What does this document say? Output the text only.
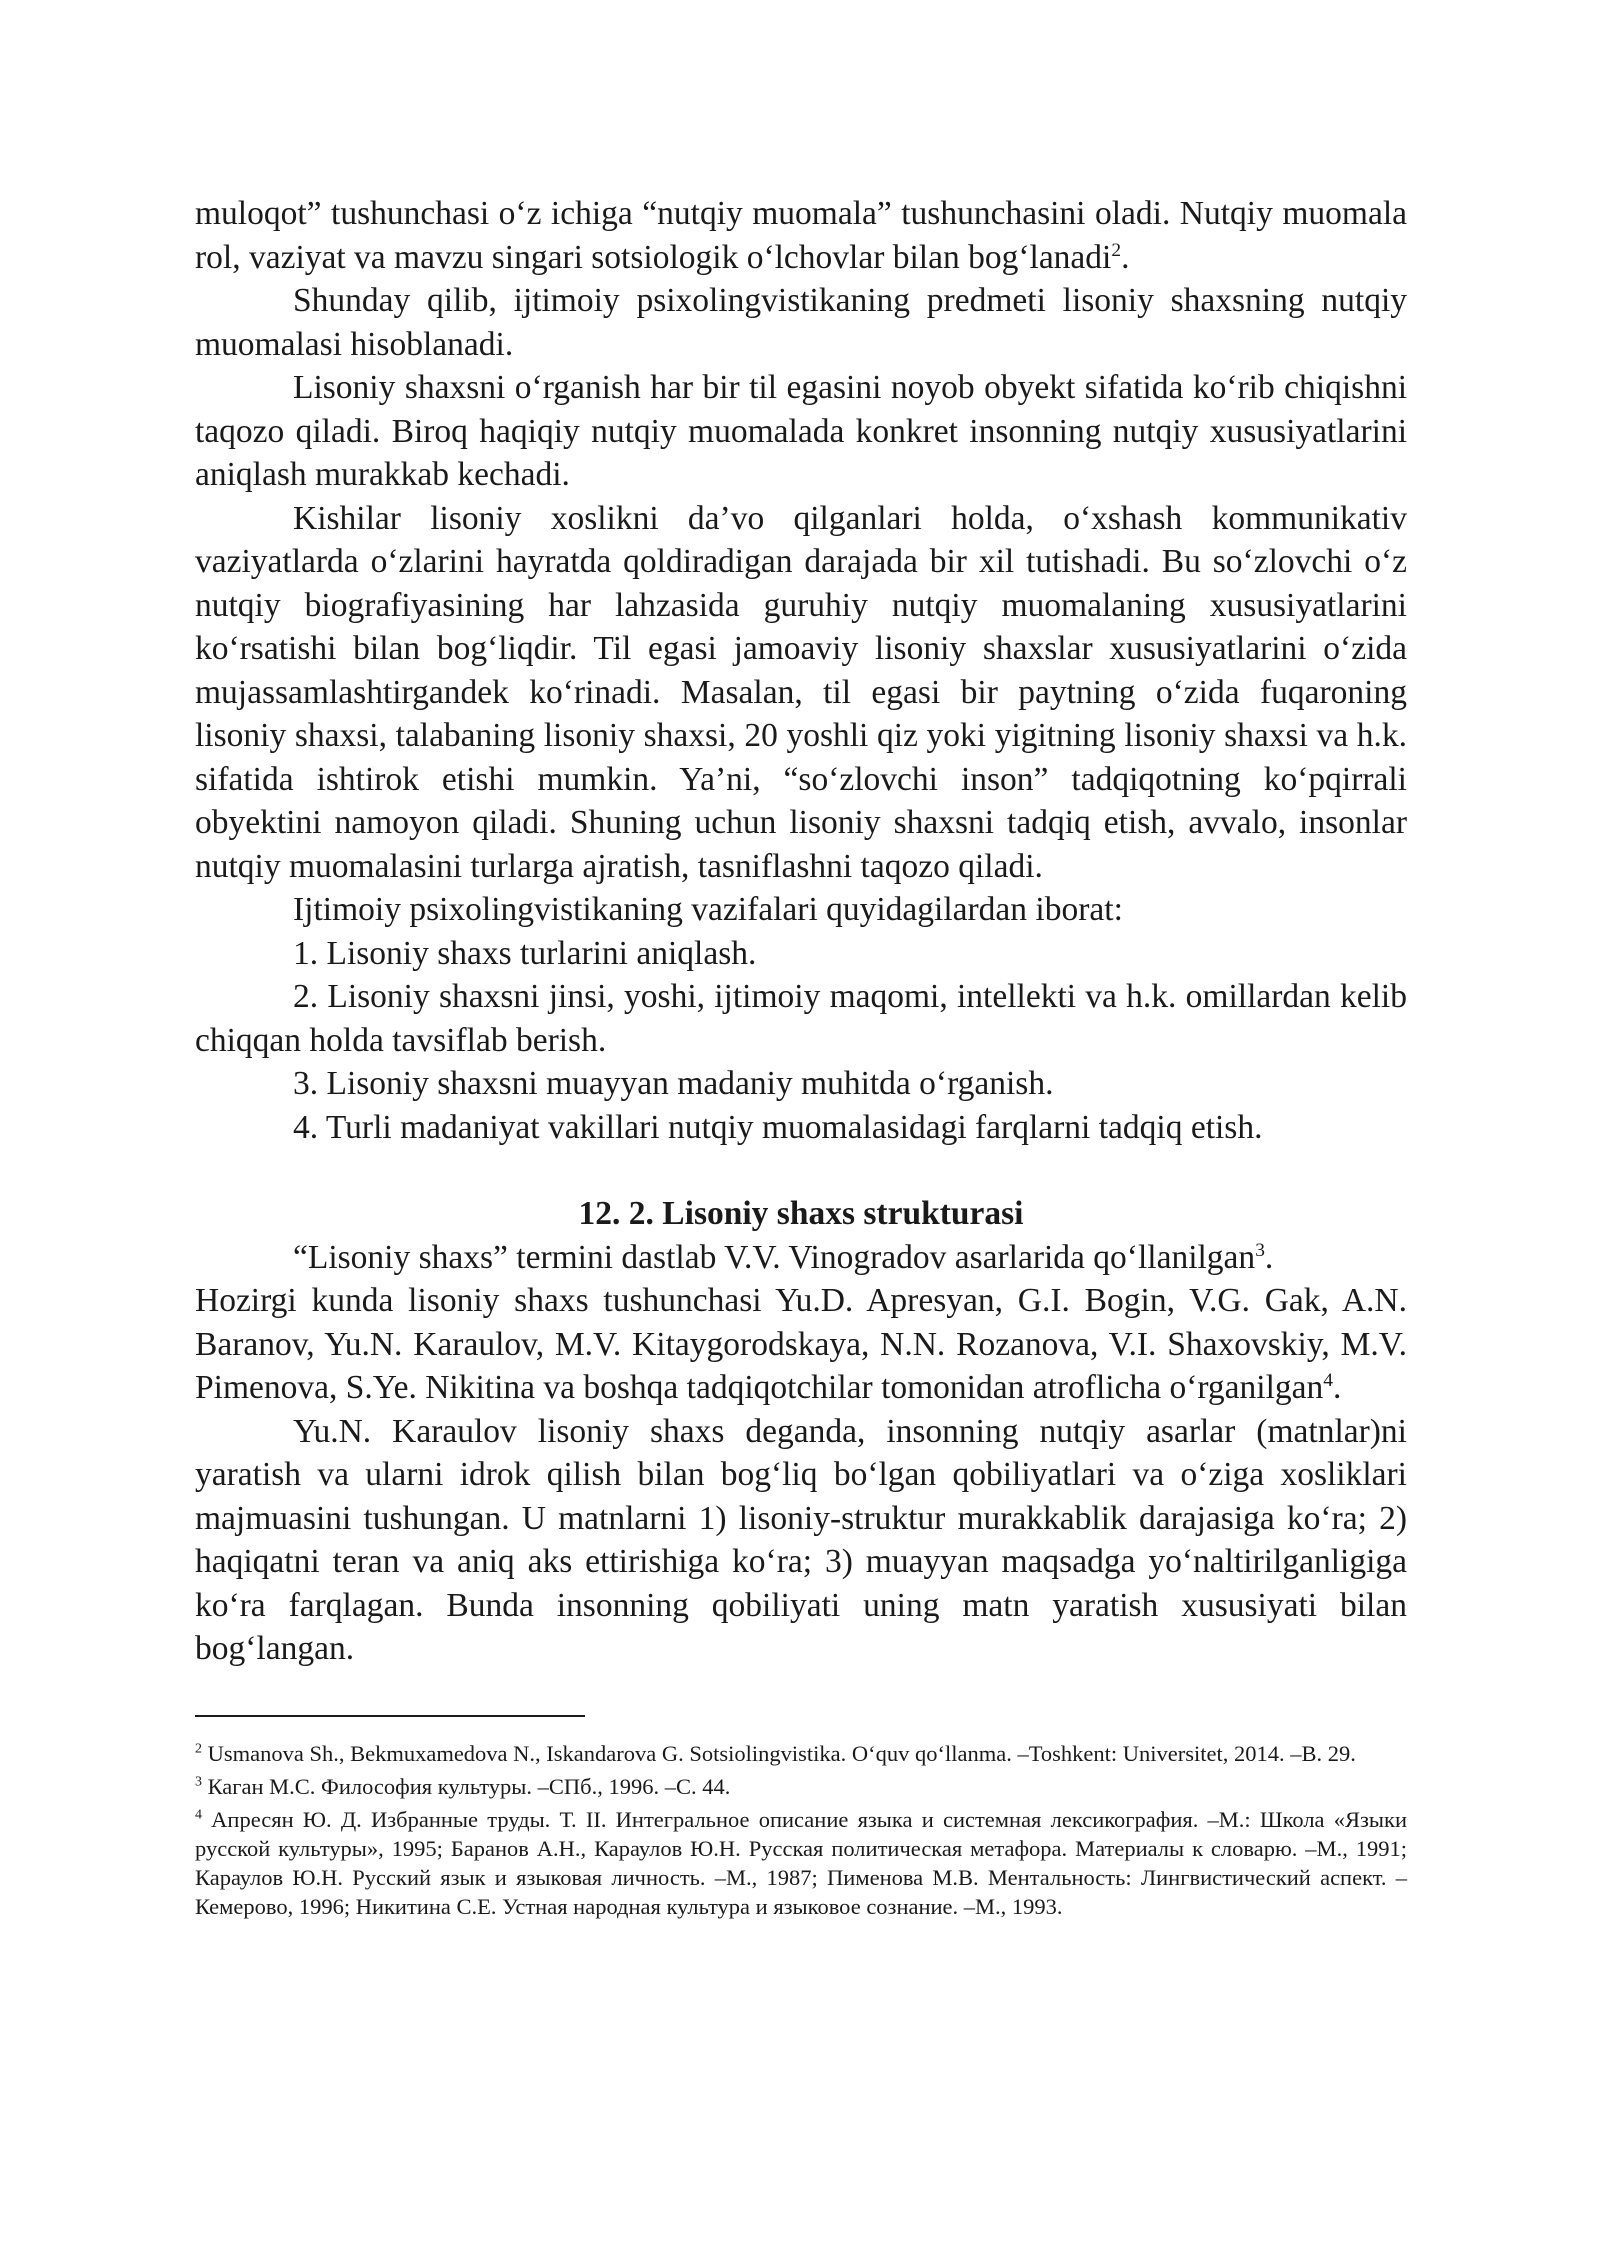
muloqot” tushunchasi o‘z ichiga “nutqiy muomala” tushunchasini oladi. Nutqiy muomala rol, vaziyat va mavzu singari sotsiologik o‘lchovlar bilan bog‘lanadi$^2$.

Shunday qilib, ijtimoiy psixolingvistikaning predmeti lisoniy shaxsning nutqiy muomalasi hisoblanadi.

Lisoniy shaxsni o‘rganish har bir til egasini noyob obyekt sifatida ko‘rib chiqishni taqozo qiladi. Biroq haqiqiy nutqiy muomalada konkret insonning nutqiy xususiyatlarini aniqlash murakkab kechadi.

Kishilar lisoniy xoslikni da’vo qilganlari holda, o‘xshash kommunikativ vaziyatlarda o‘zlarini hayratda qoldiradigan darajada bir xil tutishadi. Bu so‘zlovchi o‘z nutqiy biografiyasining har lahzasida guruhiy nutqiy muomalaning xususiyatlarini ko‘rsatishi bilan bog‘liqdir. Til egasi jamoaviy lisoniy shaxslar xususiyatlarini o‘zida mujassamlashtirgandek ko‘rinadi. Masalan, til egasi bir paytning o‘zida fuqaroning lisoniy shaxsi, talabaning lisoniy shaxsi, 20 yoshli qiz yoki yigitning lisoniy shaxsi va h.k. sifatida ishtirok etishi mumkin. Ya’ni, “so‘zlovchi inson” tadqiqotning ko‘pqirrali obyektini namoyon qiladi. Shuning uchun lisoniy shaxsni tadqiq etish, avvalo, insonlar nutqiy muomalasini turlarga ajratish, tasniflashni taqozo qiladi.

Ijtimoiy psixolingvistikaning vazifalari quyidagilardan iborat:

1. Lisoniy shaxs turlarini aniqlash.

2. Lisoniy shaxsni jinsi, yoshi, ijtimoiy maqomi, intellekti va h.k. omillardan kelib chiqqan holda tavsiflab berish.

3. Lisoniy shaxsni muayyan madaniy muhitda o‘rganish.

4. Turli madaniyat vakillari nutqiy muomalasidagi farqlarni tadqiq etish.

12. 2. Lisoniy shaxs strukturasi

“Lisoniy shaxs” termini dastlab V.V. Vinogradov asarlarida qo‘llanilgan$^3$.

Hozirgi kunda lisoniy shaxs tushunchasi Yu.D. Apresyan, G.I. Bogin, V.G. Gak, A.N. Baranov, Yu.N. Karaulov, M.V. Kitaygorodskaya, N.N. Rozanova, V.I. Shaxovskiy, M.V. Pimenova, S.Ye. Nikitina va boshqa tadqiqotchilar tomonidan atroflicha o‘rganilgan$^4$.

Yu.N. Karaulov lisoniy shaxs deganda, insonning nutqiy asarlar (matnlar)ni yaratish va ularni idrok qilish bilan bog‘liq bo‘lgan qobiliyatlari va o‘ziga xosliklari majmuasini tushungan. U matnlarni 1) lisoniy-struktur murakkablik darajasiga ko‘ra; 2) haqiqatni teran va aniq aks ettirishiga ko‘ra; 3) muayyan maqsadga yo‘naltirilganligiga ko‘ra farqlagan. Bunda insonning qobiliyati uning matn yaratish xususiyati bilan bog‘langan.

$^2$ Usmanova Sh., Bekmuxamedova N., Iskandarova G. Sotsiolingvistika. O‘quv qo‘llanma. –Toshkent: Universitet, 2014. –B. 29.

$^3$ Каган М.С. Философия культуры. –СПб., 1996. –С. 44.

$^4$ Апресян Ю. Д. Избранные труды. Т. II. Интегральное описание языка и системная лексикография. –М.: Школа «Языки русской культуры», 1995; Баранов А.Н., Караулов Ю.Н. Русская политическая метафора. Материалы к словарю. –М., 1991; Караулов Ю.Н. Русский язык и языковая личность. –М., 1987; Пименова М.В. Ментальность: Лингвистический аспект. –Кемерово, 1996; Никитина С.Е. Устная народная культура и языковое сознание. –М., 1993.
